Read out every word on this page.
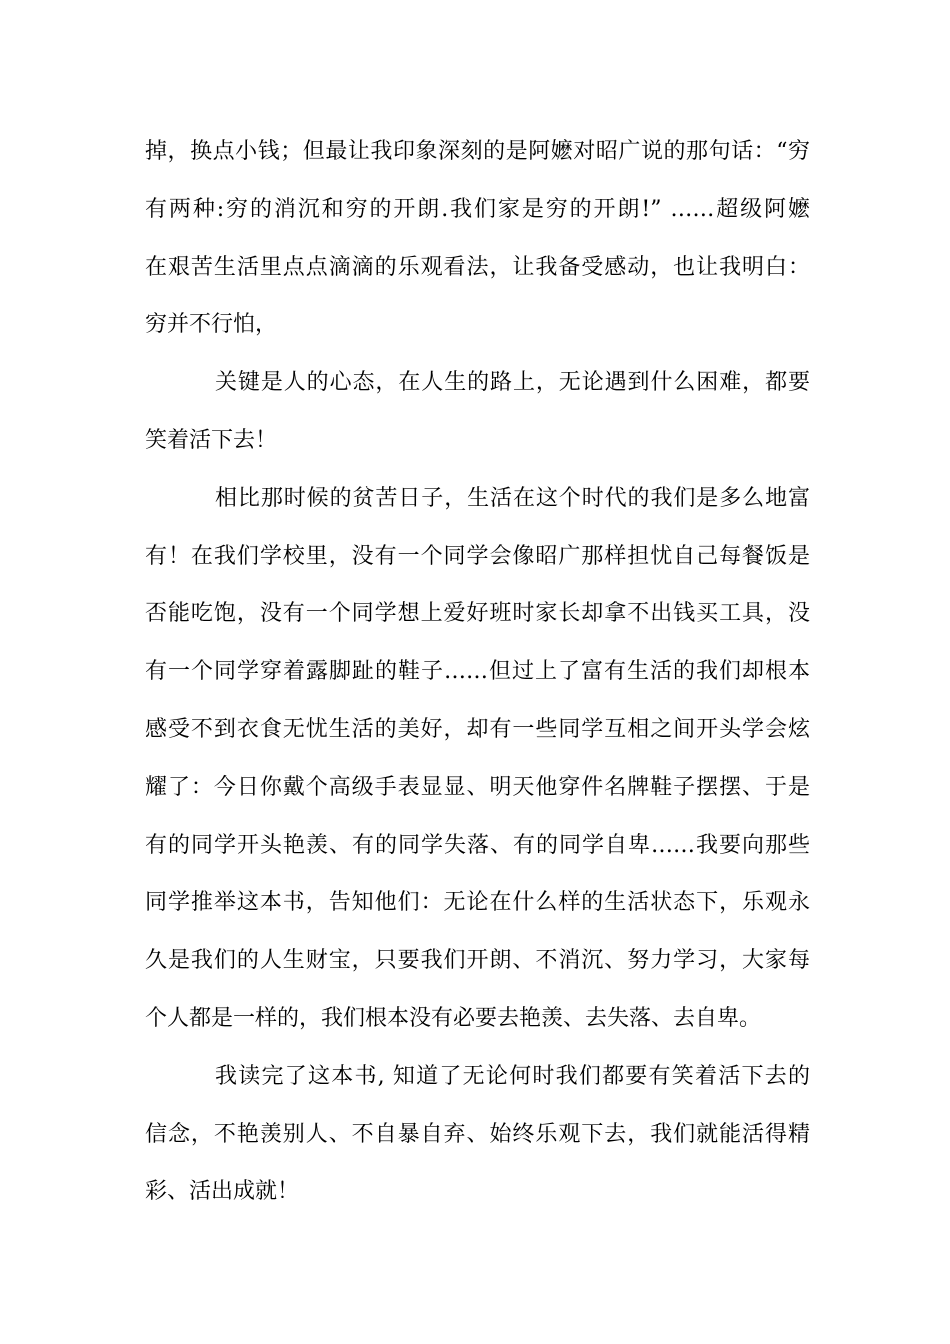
掉，换点小钱；但最让我印象深刻的是阿嬷对昭广说的那句话：“穷
有两种:穷的消沉和穷的开朗.我们家是穷的开朗!” ……超级阿嬷
在艰苦生活里点点滴滴的乐观看法，让我备受感动，也让我明白：
穷并不行怕，
关键是人的心态，在人生的路上，无论遇到什么困难，都要
笑着活下去！
相比那时候的贫苦日子，生活在这个时代的我们是多么地富
有！在我们学校里，没有一个同学会像昭广那样担忧自己每餐饭是
否能吃饱，没有一个同学想上爱好班时家长却拿不出钱买工具，没
有一个同学穿着露脚趾的鞋子……但过上了富有生活的我们却根本
感受不到衣食无忧生活的美好，却有一些同学互相之间开头学会炫
耀了：今日你戴个高级手表显显、明天他穿件名牌鞋子摆摆、于是
有的同学开头艳羡、有的同学失落、有的同学自卑……我要向那些
同学推举这本书，告知他们：无论在什么样的生活状态下，乐观永
久是我们的人生财宝，只要我们开朗、不消沉、努力学习，大家每
个人都是一样的，我们根本没有必要去艳羡、去失落、去自卑。
我读完了这本书, 知道了无论何时我们都要有笑着活下去的
信念，不艳羡别人、不自暴自弃、始终乐观下去，我们就能活得精
彩、活出成就！
